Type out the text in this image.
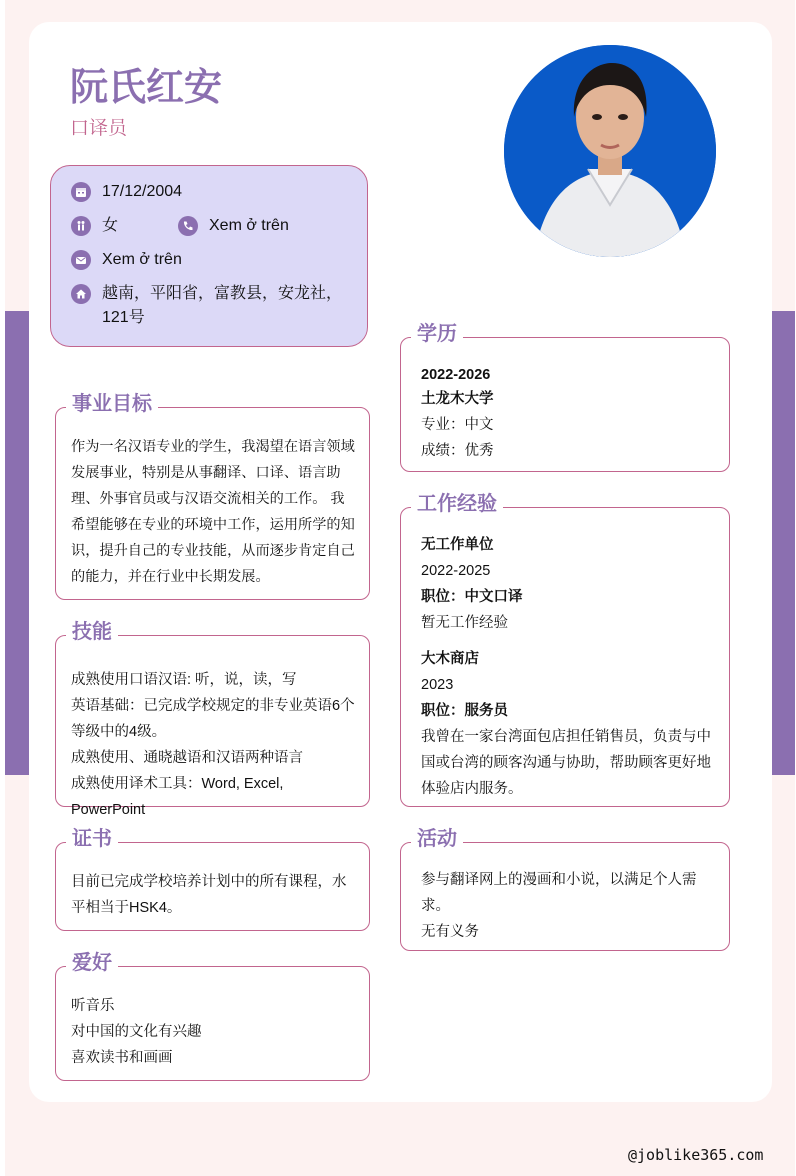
阮氏红安
口译员
17/12/2004
女	Xem ở trên
Xem ở trên
越南，平阳省，富教县，安龙社，121号
事业目标
作为一名汉语专业的学生，我渴望在语言领域发展事业，特别是从事翻译、口译、语言助理、外事官员或与汉语交流相关的工作。 我希望能够在专业的环境中工作，运用所学的知识，提升自己的专业技能，从而逐步肯定自己的能力，并在行业中长期发展。
技能
成熟使用口语汉语: 听，说，读，写
英语基础：已完成学校规定的非专业英语6个等级中的4级。
成熟使用、通晓越语和汉语两种语言
成熟使用译术工具：Word, Excel, PowerPoint
证书
目前已完成学校培养计划中的所有课程，水平相当于HSK4。
爱好
听音乐
对中国的文化有兴趣
喜欢读书和画画
学历
2022-2026
土龙木大学
专业：中文
成绩：优秀
工作经验
无工作单位
2022-2025
职位：中文口译
暂无工作经验
大木商店
2023
职位：服务员
我曾在一家台湾面包店担任销售员，负责与中国或台湾的顾客沟通与协助，帮助顾客更好地体验店内服务。
活动
参与翻译网上的漫画和小说，以满足个人需求。
无有义务
@joblike365.com
